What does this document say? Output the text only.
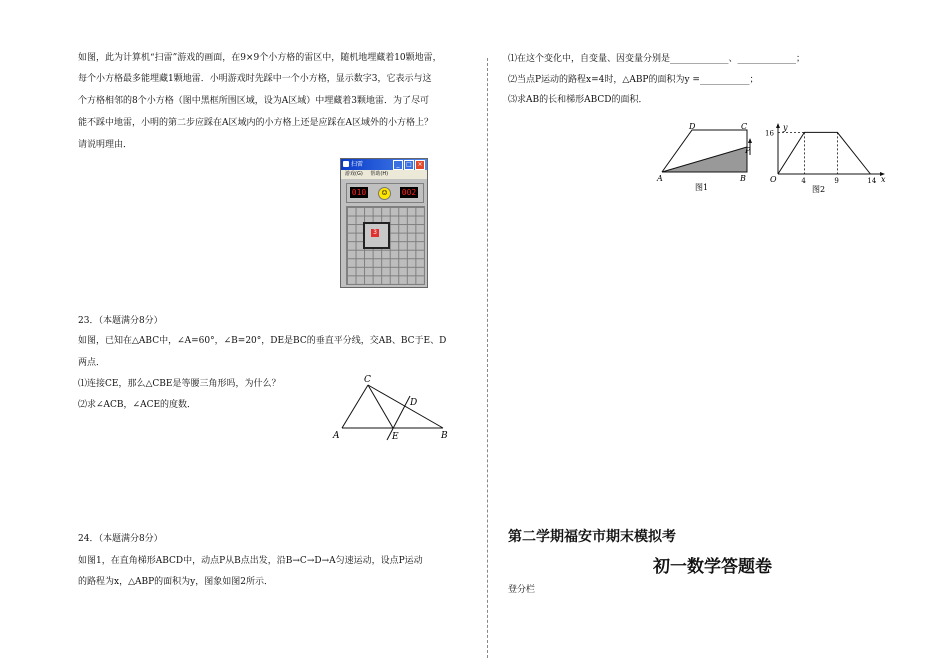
如图，此为计算机“扫雷”游戏的画面，在9×9个小方格的雷区中，随机地埋藏着10颗地雷，
每个小方格最多能埋藏1颗地雷．小明游戏时先踩中一个小方格，显示数字3，它表示与这
个方格相邻的8个小方格（图中黑框所围区域，设为A区域）中埋藏着3颗地雷．为了尽可
能不踩中地雷，小明的第二步应踩在A区域内的小方格上还是应踩在A区域外的小方格上？
请说明理由．
扫雷	_	□ ×
游戏(G) 帮助(H)
010	☺	002
3
23．（本题满分8分）
如图，已知在△ABC中，∠A=60°，∠B=20°，DE是BC的垂直平分线，交AB、BC于E、D
两点．
⑴连接CE，那么△CBE是等腰三角形吗，为什么？
⑵求∠ACB，∠ACE的度数．
A	B
C
D
E
24．（本题满分8分）
如图1，在直角梯形ABCD中，动点P从B点出发，沿B→C→D→A匀速运动，设点P运动
的路程为x，△ABP的面积为y，图象如图2所示．
⑴在这个变化中，自变量、因变量分别是_____________、_____________；
⑵当点P运动的路程x=4时，△ABP的面积为y =___________；
⑶求AB的长和梯形ABCD的面积．
A	B
C
D
P
图1
y
x
O
16
4	9	14
图2
第二学期福安市期末模拟考
初一数学答题卷
登分栏
